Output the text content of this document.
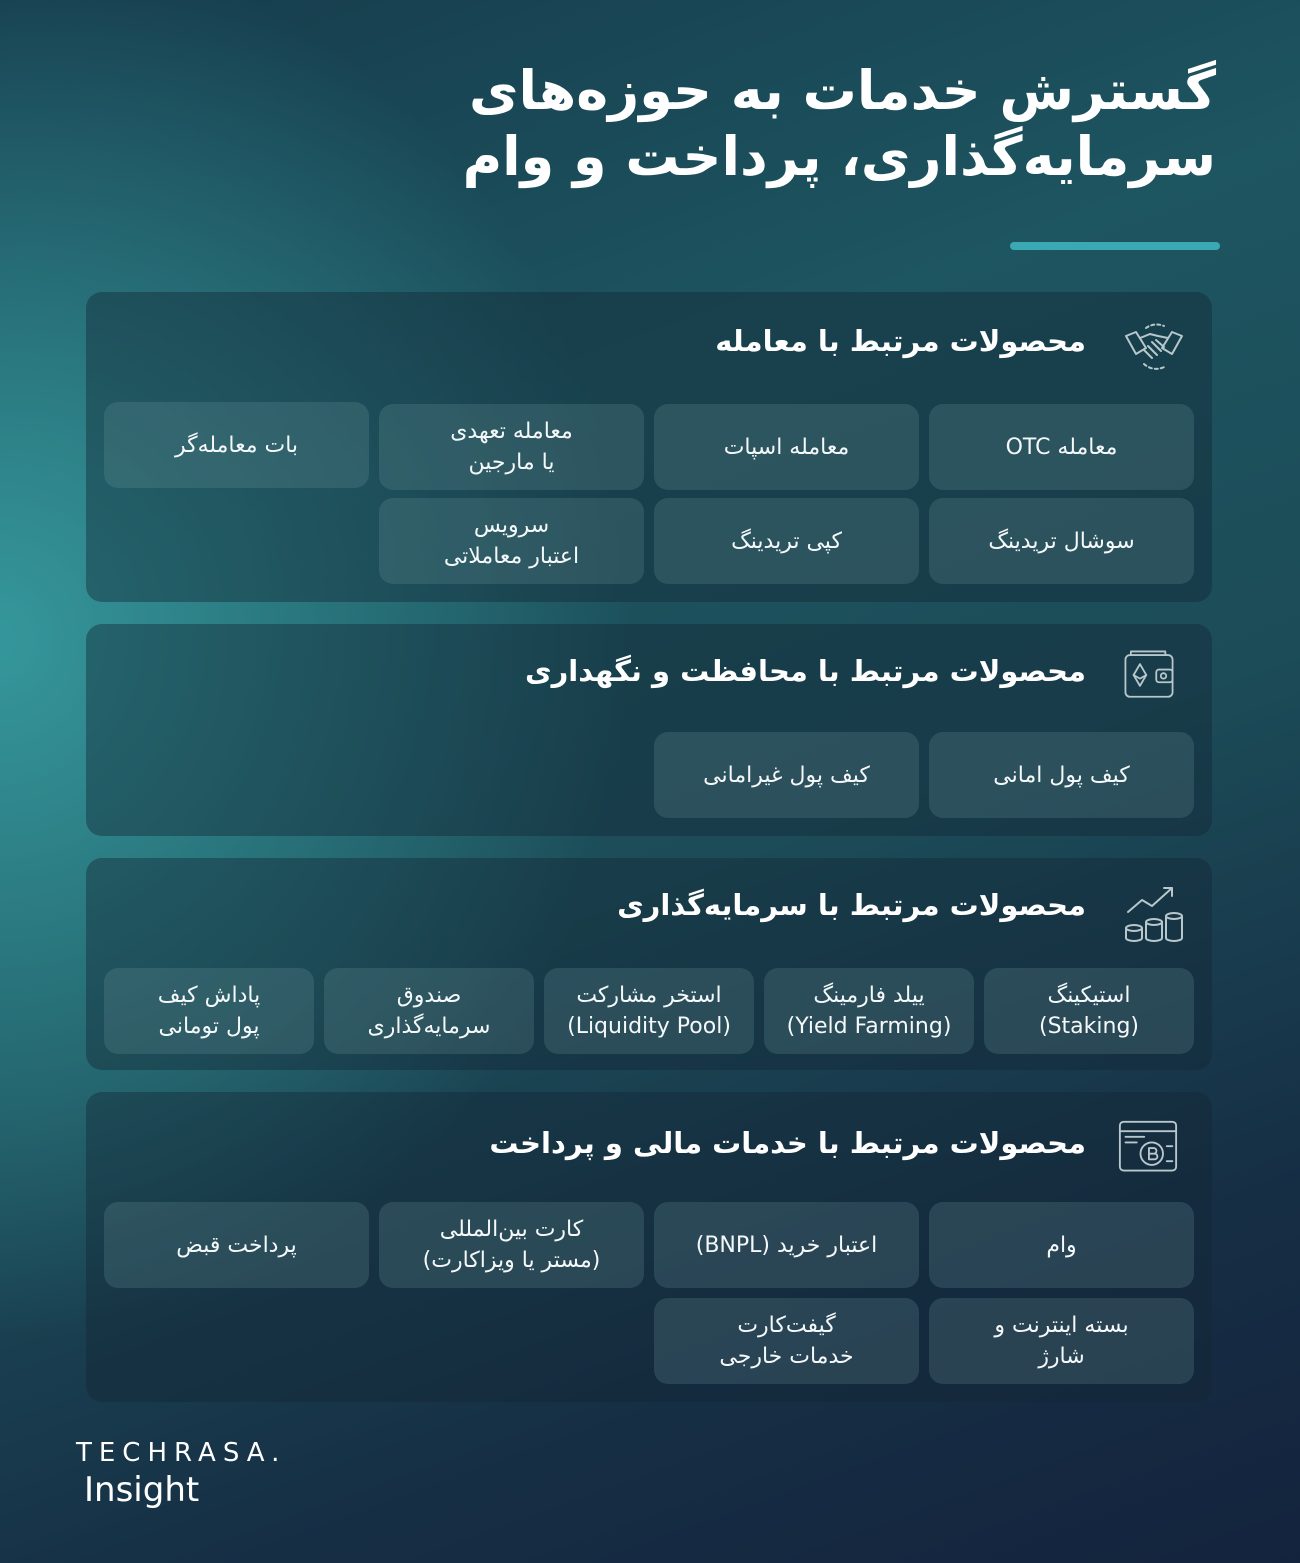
گسترش خدمات به حوزه‌های
سرمایه‌گذاری، پرداخت و وام
محصولات مرتبط با معامله
معامله OTC
معامله اسپات
معامله تعهدی
یا مارجین
بات معامله‌گر
سوشال تریدینگ
کپی تریدینگ
سرویس
اعتبار معاملاتی
محصولات مرتبط با محافظت و نگهداری
کیف پول امانی
کیف پول غیرامانی
محصولات مرتبط با سرمایه‌گذاری
استیکینگ
(Staking)
ییلد فارمینگ
(Yield Farming)
استخر مشارکت
(Liquidity Pool)
صندوق
سرمایه‌گذاری
پاداش کیف
پول تومانی
محصولات مرتبط با خدمات مالی و پرداخت
وام
اعتبار خرید (BNPL)
کارت بین‌المللی
(مستر یا ویزاکارت)
پرداخت قبض
بسته اینترنت و
شارژ
گیفت‌کارت
خدمات خارجی
TECHRASA.
Insight
